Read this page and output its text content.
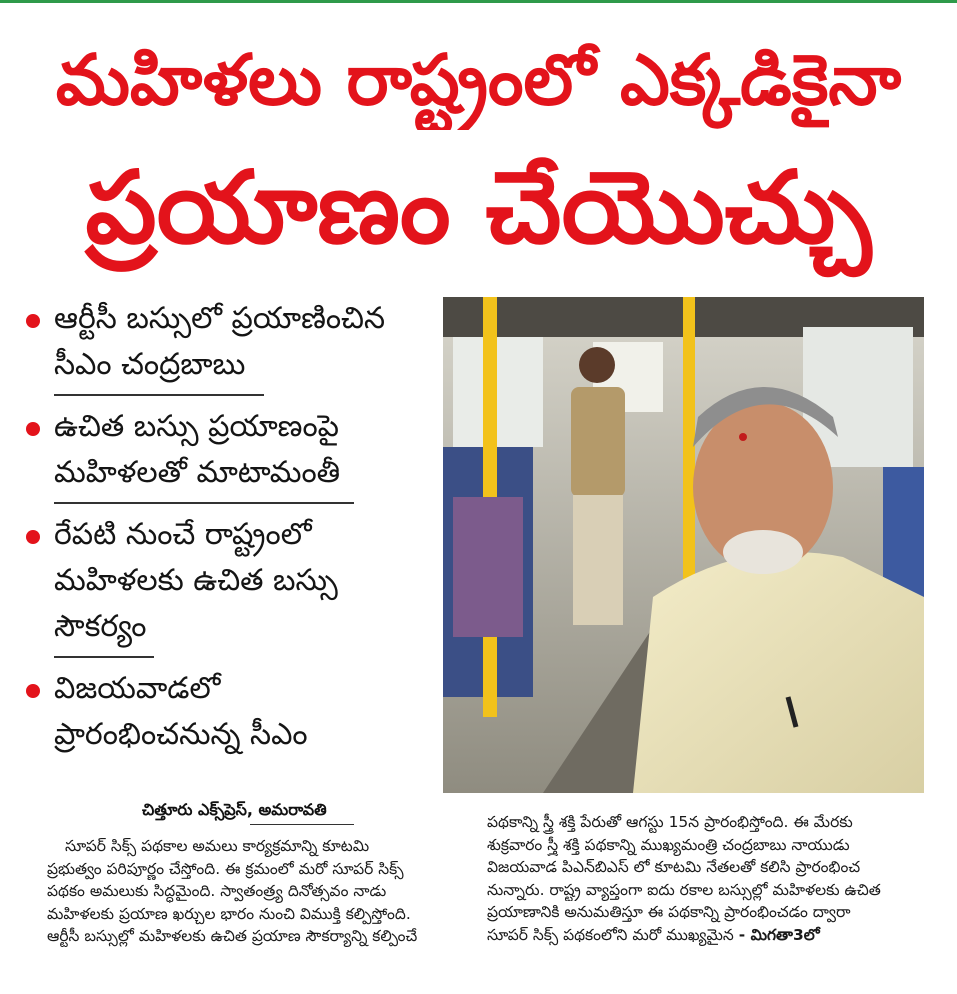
మహిళలు రాష్ట్రంలో ఎక్కడికైనా
ప్రయాణం చేయొచ్చు
ఆర్టీసీ బస్సులో ప్రయాణించిన
సీఎం చంద్రబాబు
ఉచిత బస్సు ప్రయాణంపై
మహిళలతో మాటామంతీ
రేపటి నుంచే రాష్ట్రంలో
మహిళలకు ఉచిత బస్సు
సౌకర్యం
విజయవాడలో
ప్రారంభించనున్న సీఎం
చిత్తూరు ఎక్స్‌ప్రెస్, అమరావతి
సూపర్ సిక్స్ పథకాల అమలు కార్యక్రమాన్ని కూటమి
ప్రభుత్వం పరిపూర్ణం చేస్తోంది. ఈ క్రమంలో మరో సూపర్ సిక్స్
పథకం అమలుకు సిద్ధమైంది. స్వాతంత్ర్య దినోత్సవం నాడు
మహిళలకు ప్రయాణ ఖర్చుల భారం నుంచి విముక్తి కల్పిస్తోంది.
ఆర్టీసీ బస్సుల్లో మహిళలకు ఉచిత ప్రయాణ సౌకర్యాన్ని కల్పించే
పథకాన్ని స్త్రీ శక్తి పేరుతో ఆగస్టు 15న ప్రారంభిస్తోంది. ఈ మేరకు
శుక్రవారం స్త్రీ శక్తి పథకాన్ని ముఖ్యమంత్రి చంద్రబాబు నాయుడు
విజయవాడ పిఎన్‌బిఎస్ లో కూటమి నేతలతో కలిసి ప్రారంభించ
నున్నారు. రాష్ట్ర వ్యాప్తంగా ఐదు రకాల బస్సుల్లో మహిళలకు ఉచిత
ప్రయాణానికి అనుమతిస్తూ ఈ పథకాన్ని ప్రారంభించడం ద్వారా
సూపర్ సిక్స్ పథకంలోని మరో ముఖ్యమైన - మిగతా3లో
